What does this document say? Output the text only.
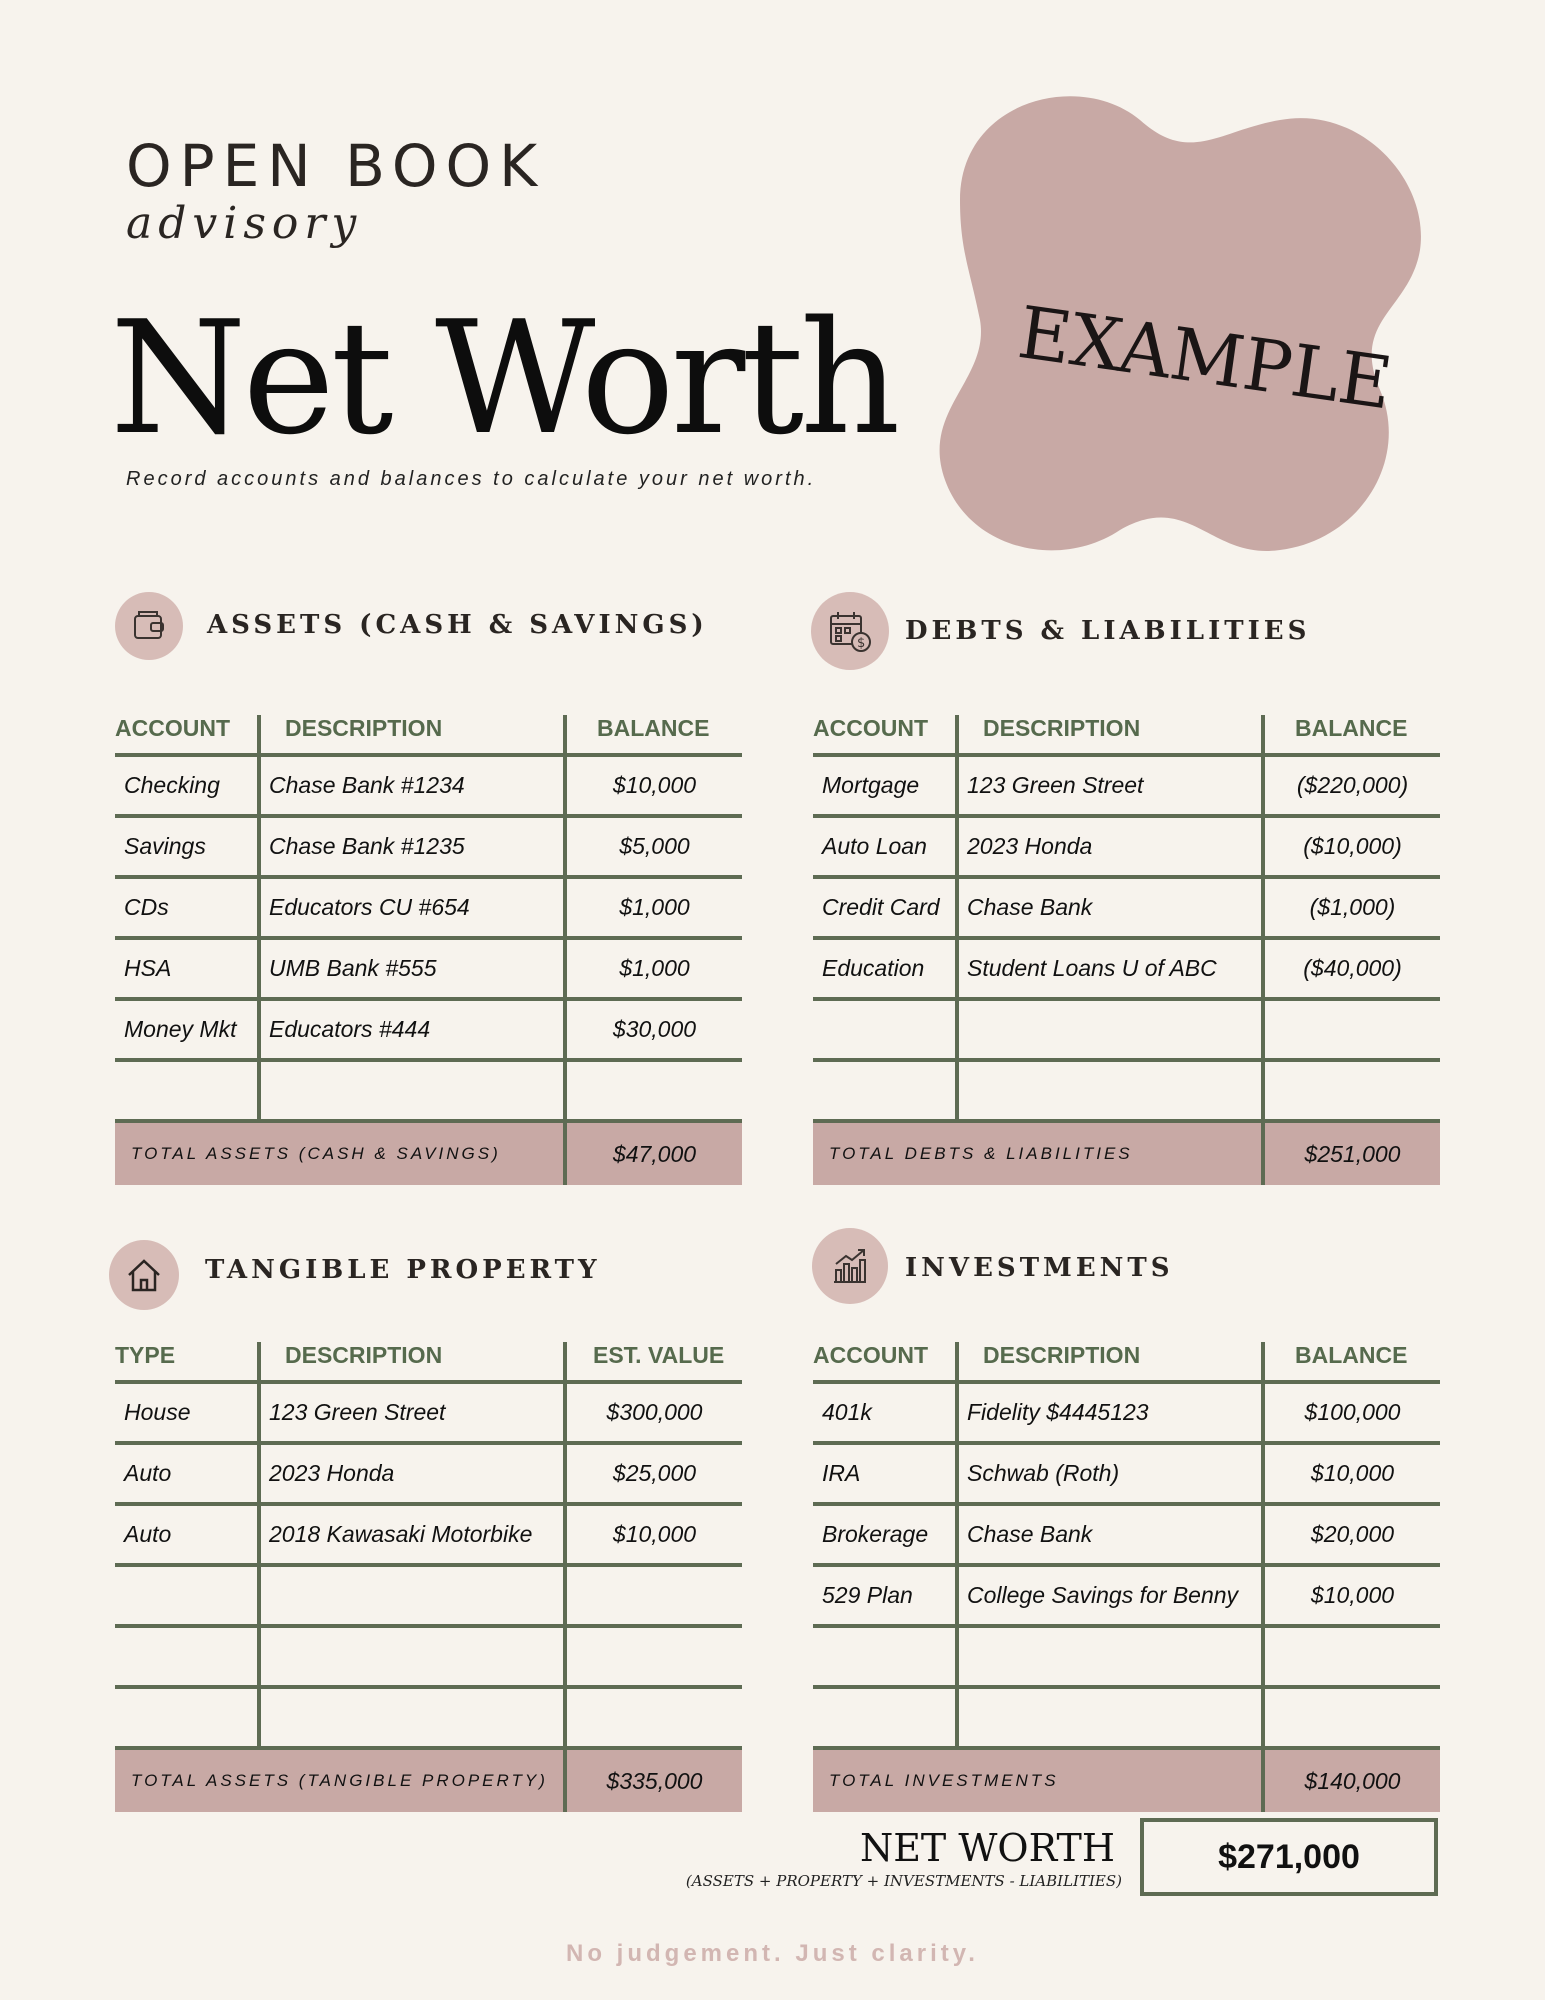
OPEN BOOK
advisory
Net Worth
Record accounts and balances to calculate your net worth.
EXAMPLE
ASSETS (CASH & SAVINGS)
$ DEBTS & LIABILITIES
TANGIBLE PROPERTY	INVESTMENTS
ACCOUNT	DESCRIPTION	BALANCE
Checking	Chase Bank #1234	$10,000
Savings	Chase Bank #1235	$5,000
CDs	Educators CU #654	$1,000
HSA	UMB Bank #555	$1,000
Money Mkt	Educators #444	$30,000

TOTAL ASSETS (CASH & SAVINGS)		$47,000
ACCOUNT	DESCRIPTION	BALANCE
Mortgage	123 Green Street	($220,000)
Auto Loan	2023 Honda	($10,000)
Credit Card	Chase Bank	($1,000)
Education	Student Loans U of ABC	($40,000)

TOTAL DEBTS & LIABILITIES		$251,000
TYPE	DESCRIPTION	EST. VALUE
House	123 Green Street	$300,000
Auto	2023 Honda	$25,000
Auto	2018 Kawasaki Motorbike	$10,000

TOTAL ASSETS (TANGIBLE PROPERTY)		$335,000
ACCOUNT	DESCRIPTION	BALANCE
401k	Fidelity $4445123	$100,000
IRA	Schwab (Roth)	$10,000
Brokerage	Chase Bank	$20,000
529 Plan	College Savings for Benny	$10,000

TOTAL INVESTMENTS		$140,000
NET WORTH
(ASSETS + PROPERTY + INVESTMENTS - LIABILITIES)
$271,000
No judgement. Just clarity.
